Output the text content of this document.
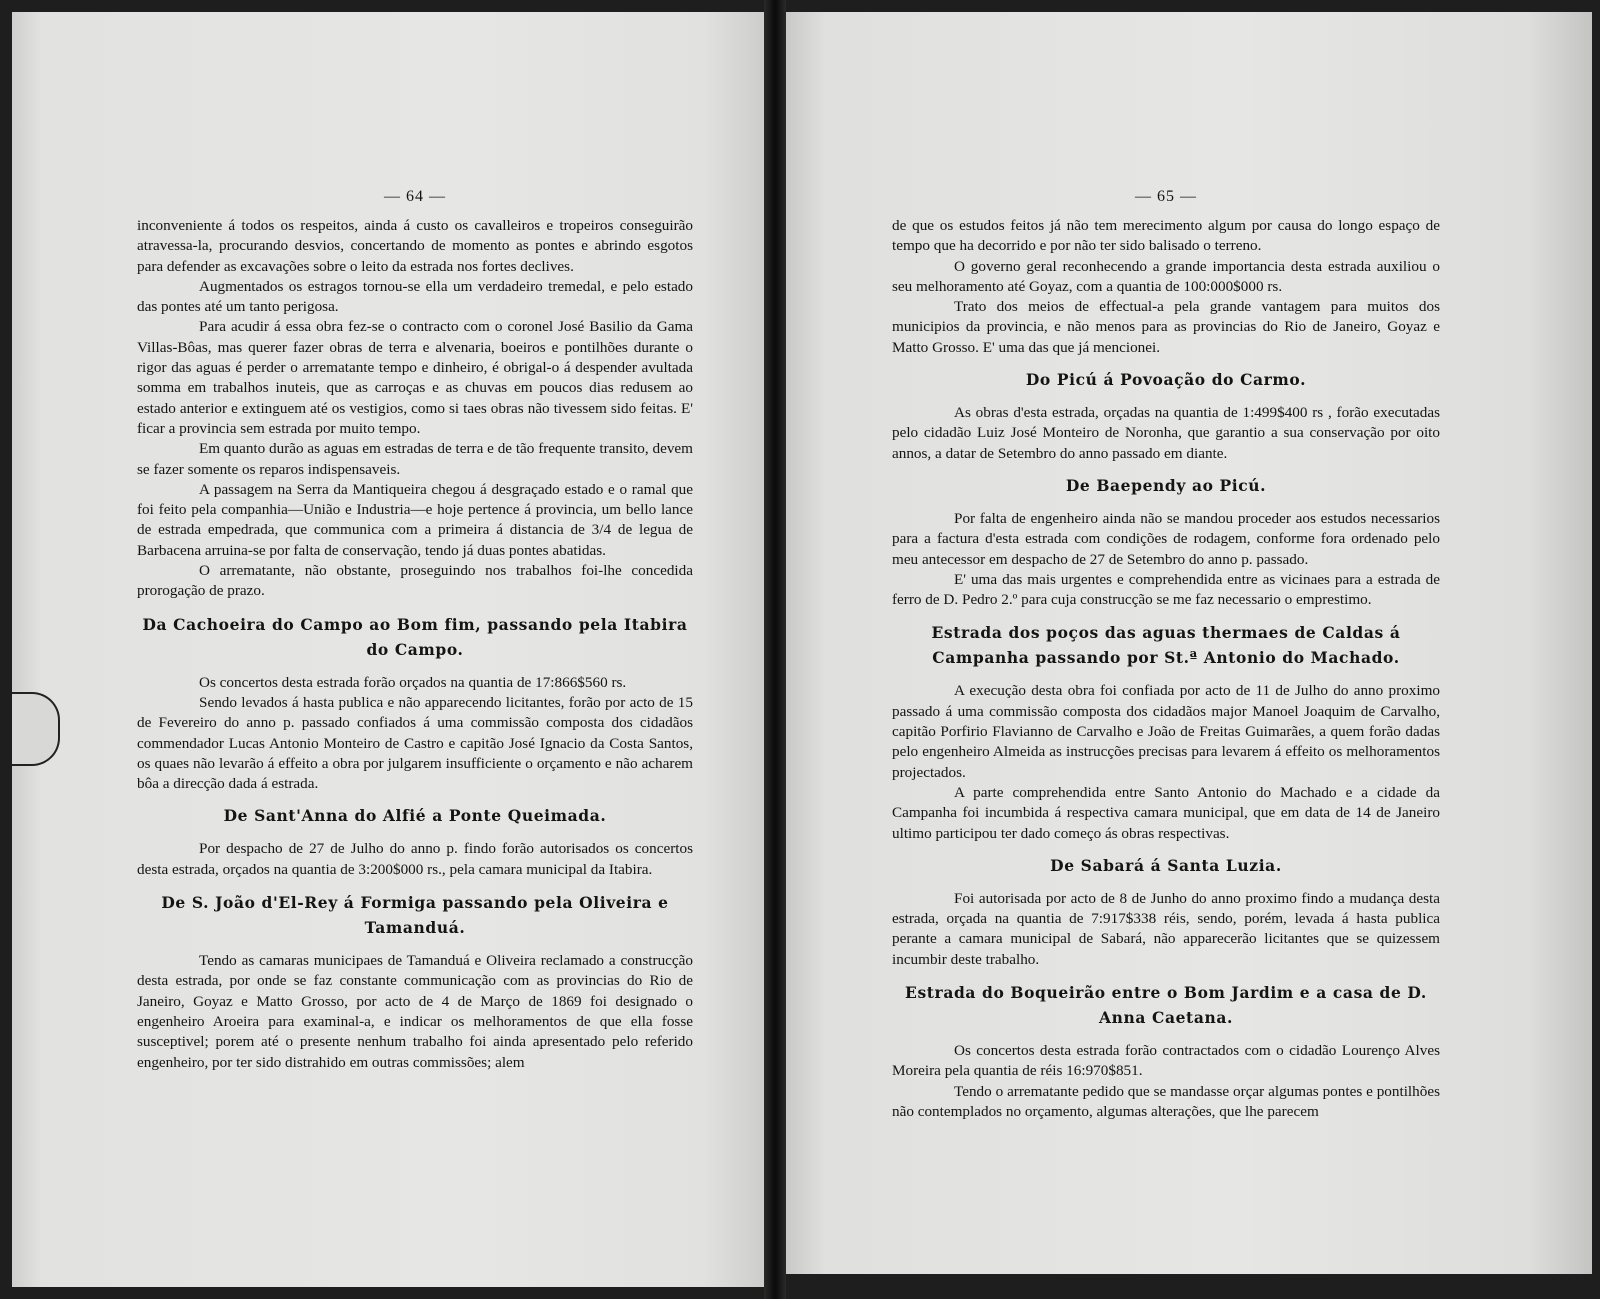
— 64 —

inconveniente á todos os respeitos, ainda á custo os cavalleiros e tropeiros conseguirão atravessa-la, procurando desvios, concertando de momento as pontes e abrindo esgotos para defender as excavações sobre o leito da estrada nos fortes declives.

Augmentados os estragos tornou-se ella um verdadeiro tremedal, e pelo estado das pontes até um tanto perigosa.

Para acudir á essa obra fez-se o contracto com o coronel José Basilio da Gama Villas-Bôas, mas querer fazer obras de terra e alvenaria, boeiros e pontilhões durante o rigor das aguas é perder o arrematante tempo e dinheiro, é obrigal-o á despender avultada somma em trabalhos inuteis, que as carroças e as chuvas em poucos dias redusem ao estado anterior e extinguem até os vestigios, como si taes obras não tivessem sido feitas. E' ficar a provincia sem estrada por muito tempo.

Em quanto durão as aguas em estradas de terra e de tão frequente transito, devem se fazer somente os reparos indispensaveis.

A passagem na Serra da Mantiqueira chegou á desgraçado estado e o ramal que foi feito pela companhia—União e Industria—e hoje pertence á provincia, um bello lance de estrada empedrada, que communica com a primeira á distancia de 3/4 de legua de Barbacena arruina-se por falta de conservação, tendo já duas pontes abatidas.

O arrematante, não obstante, proseguindo nos trabalhos foi-lhe concedida prorogação de prazo.

Da Cachoeira do Campo ao Bom fim, passando pela Itabira do Campo.

Os concertos desta estrada forão orçados na quantia de 17:866$560 rs.

Sendo levados á hasta publica e não apparecendo licitantes, forão por acto de 15 de Fevereiro do anno p. passado confiados á uma commissão composta dos cidadãos commendador Lucas Antonio Monteiro de Castro e capitão José Ignacio da Costa Santos, os quaes não levarão á effeito a obra por julgarem insufficiente o orçamento e não acharem bôa a direcção dada á estrada.

De Sant'Anna do Alfié a Ponte Queimada.

Por despacho de 27 de Julho do anno p. findo forão autorisados os concertos desta estrada, orçados na quantia de 3:200$000 rs., pela camara municipal da Itabira.

De S. João d'El-Rey á Formiga passando pela Oliveira e Tamanduá.

Tendo as camaras municipaes de Tamanduá e Oliveira reclamado a construcção desta estrada, por onde se faz constante communicação com as provincias do Rio de Janeiro, Goyaz e Matto Grosso, por acto de 4 de Março de 1869 foi designado o engenheiro Aroeira para examinal-a, e indicar os melhoramentos de que ella fosse susceptivel; porem até o presente nenhum trabalho foi ainda apresentado pelo referido engenheiro, por ter sido distrahido em outras commissões; alem

— 65 —

de que os estudos feitos já não tem merecimento algum por causa do longo espaço de tempo que ha decorrido e por não ter sido balisado o terreno.

O governo geral reconhecendo a grande importancia desta estrada auxiliou o seu melhoramento até Goyaz, com a quantia de 100:000$000 rs.

Trato dos meios de effectual-a pela grande vantagem para muitos dos municipios da provincia, e não menos para as provincias do Rio de Janeiro, Goyaz e Matto Grosso. E' uma das que já mencionei.

Do Picú á Povoação do Carmo.

As obras d'esta estrada, orçadas na quantia de 1:499$400 rs , forão executadas pelo cidadão Luiz José Monteiro de Noronha, que garantio a sua conservação por oito annos, a datar de Setembro do anno passado em diante.

De Baependy ao Picú.

Por falta de engenheiro ainda não se mandou proceder aos estudos necessarios para a factura d'esta estrada com condições de rodagem, conforme fora ordenado pelo meu antecessor em despacho de 27 de Setembro do anno p. passado.

E' uma das mais urgentes e comprehendida entre as vicinaes para a estrada de ferro de D. Pedro 2.º para cuja construcção se me faz necessario o emprestimo.

Estrada dos poços das aguas thermaes de Caldas á Campanha passando por St.ª Antonio do Machado.

A execução desta obra foi confiada por acto de 11 de Julho do anno proximo passado á uma commissão composta dos cidadãos major Manoel Joaquim de Carvalho, capitão Porfirio Flavianno de Carvalho e João de Freitas Guimarães, a quem forão dadas pelo engenheiro Almeida as instrucções precisas para levarem á effeito os melhoramentos projectados.

A parte comprehendida entre Santo Antonio do Machado e a cidade da Campanha foi incumbida á respectiva camara municipal, que em data de 14 de Janeiro ultimo participou ter dado começo ás obras respectivas.

De Sabará á Santa Luzia.

Foi autorisada por acto de 8 de Junho do anno proximo findo a mudança desta estrada, orçada na quantia de 7:917$338 réis, sendo, porém, levada á hasta publica perante a camara municipal de Sabará, não apparecerão licitantes que se quizessem incumbir deste trabalho.

Estrada do Boqueirão entre o Bom Jardim e a casa de D. Anna Caetana.

Os concertos desta estrada forão contractados com o cidadão Lourenço Alves Moreira pela quantia de réis 16:970$851.

Tendo o arrematante pedido que se mandasse orçar algumas pontes e pontilhões não contemplados no orçamento, algumas alterações, que lhe parecem
